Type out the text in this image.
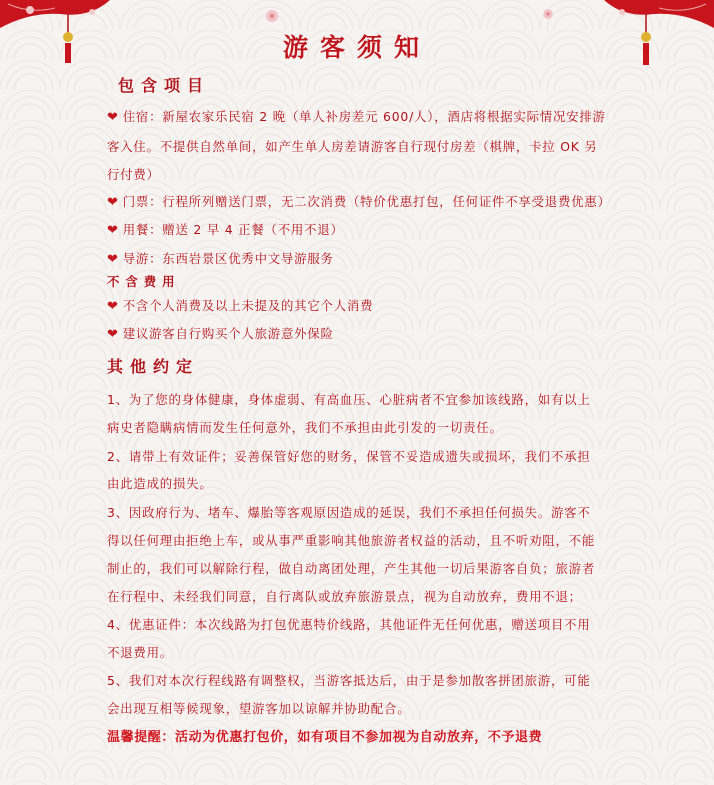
游客须知
包含项目
❤ 住宿：新屋农家乐民宿 2 晚（单人补房差元 600/人），酒店将根据实际情况安排游
客入住。不提供自然单间，如产生单人房差请游客自行现付房差（棋牌，卡拉 OK 另
行付费）
❤ 门票：行程所列赠送门票，无二次消费（特价优惠打包，任何证件不享受退费优惠）
❤ 用餐：赠送 2 早 4 正餐（不用不退）
❤ 导游：东西岩景区优秀中文导游服务
不含费用
❤ 不含个人消费及以上未提及的其它个人消费
❤ 建议游客自行购买个人旅游意外保险
其他约定
1、为了您的身体健康，身体虚弱、有高血压、心脏病者不宜参加该线路，如有以上
病史者隐瞒病情而发生任何意外，我们不承担由此引发的一切责任。
2、请带上有效证件；妥善保管好您的财务，保管不妥造成遗失或损坏，我们不承担
由此造成的损失。
3、因政府行为、堵车、爆胎等客观原因造成的延误，我们不承担任何损失。游客不
得以任何理由拒绝上车，或从事严重影响其他旅游者权益的活动，且不听劝阻，不能
制止的，我们可以解除行程，做自动离团处理，产生其他一切后果游客自负；旅游者
在行程中、未经我们同意，自行离队或放弃旅游景点，视为自动放弃，费用不退；
4、优惠证件：本次线路为打包优惠特价线路，其他证件无任何优惠，赠送项目不用
不退费用。
5、我们对本次行程线路有调整权，当游客抵达后，由于是参加散客拼团旅游，可能
会出现互相等候现象，望游客加以谅解并协助配合。
温馨提醒：活动为优惠打包价，如有项目不参加视为自动放弃，不予退费
